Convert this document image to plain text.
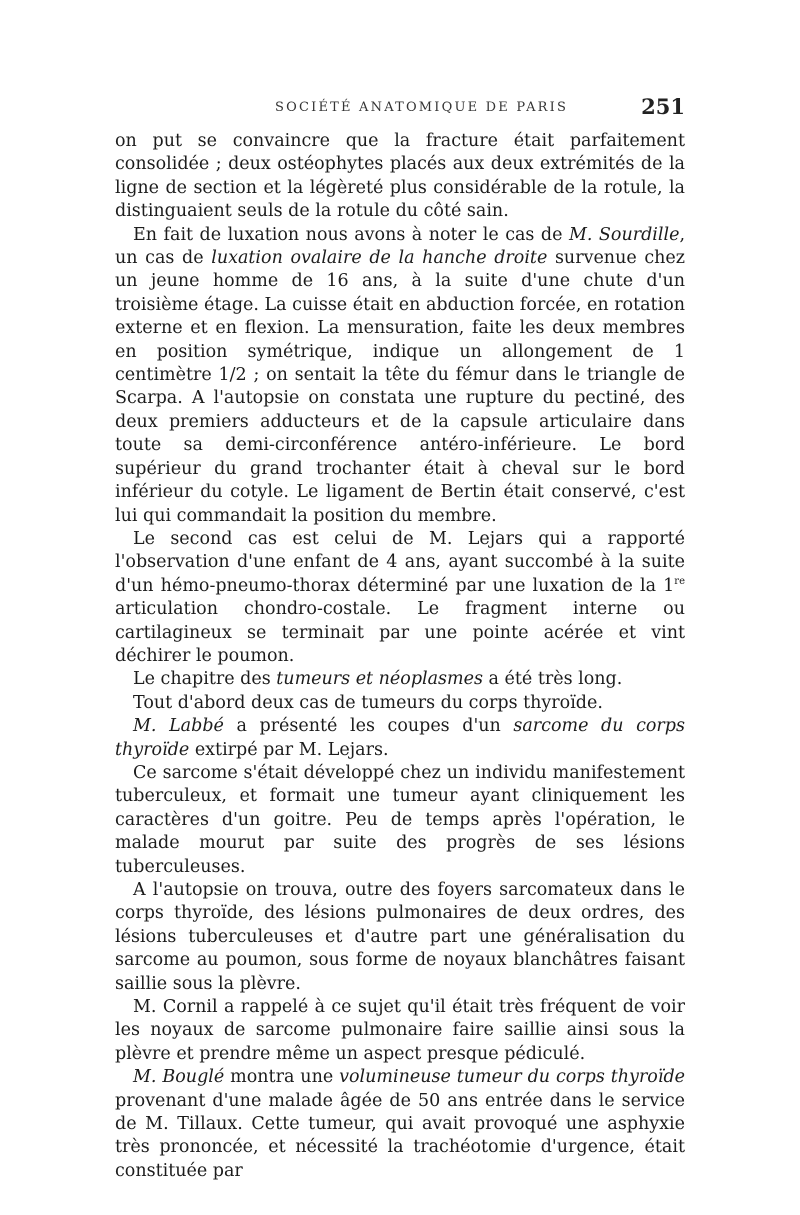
SOCIÉTÉ ANATOMIQUE DE PARIS	251

on put se convaincre que la fracture était parfaitement consolidée ; deux ostéophytes placés aux deux extrémités de la ligne de section et la légèreté plus considérable de la rotule, la distinguaient seuls de la rotule du côté sain.

En fait de luxation nous avons à noter le cas de M. Sourdille, un cas de luxation ovalaire de la hanche droite survenue chez un jeune homme de 16 ans, à la suite d'une chute d'un troisième étage. La cuisse était en abduction forcée, en rotation externe et en flexion. La mensuration, faite les deux membres en position symétrique, indique un allongement de 1 centimètre 1/2 ; on sentait la tête du fémur dans le triangle de Scarpa. A l'autopsie on constata une rupture du pectiné, des deux premiers adducteurs et de la capsule articulaire dans toute sa demi-circonférence antéro-inférieure. Le bord supérieur du grand trochanter était à cheval sur le bord inférieur du cotyle. Le ligament de Bertin était conservé, c'est lui qui commandait la position du membre.

Le second cas est celui de M. Lejars qui a rapporté l'observation d'une enfant de 4 ans, ayant succombé à la suite d'un hémo-pneumo-thorax déterminé par une luxation de la 1re articulation chondro-costale. Le fragment interne ou cartilagineux se terminait par une pointe acérée et vint déchirer le poumon.

Le chapitre des tumeurs et néoplasmes a été très long.

Tout d'abord deux cas de tumeurs du corps thyroïde.

M. Labbé a présenté les coupes d'un sarcome du corps thyroïde extirpé par M. Lejars.

Ce sarcome s'était développé chez un individu manifestement tuberculeux, et formait une tumeur ayant cliniquement les caractères d'un goitre. Peu de temps après l'opération, le malade mourut par suite des progrès de ses lésions tuberculeuses.

A l'autopsie on trouva, outre des foyers sarcomateux dans le corps thyroïde, des lésions pulmonaires de deux ordres, des lésions tuberculeuses et d'autre part une généralisation du sarcome au poumon, sous forme de noyaux blanchâtres faisant saillie sous la plèvre.

M. Cornil a rappelé à ce sujet qu'il était très fréquent de voir les noyaux de sarcome pulmonaire faire saillie ainsi sous la plèvre et prendre même un aspect presque pédiculé.

M. Bouglé montra une volumineuse tumeur du corps thyroïde provenant d'une malade âgée de 50 ans entrée dans le service de M. Tillaux. Cette tumeur, qui avait provoqué une asphyxie très prononcée, et nécessité la trachéotomie d'urgence, était constituée par
